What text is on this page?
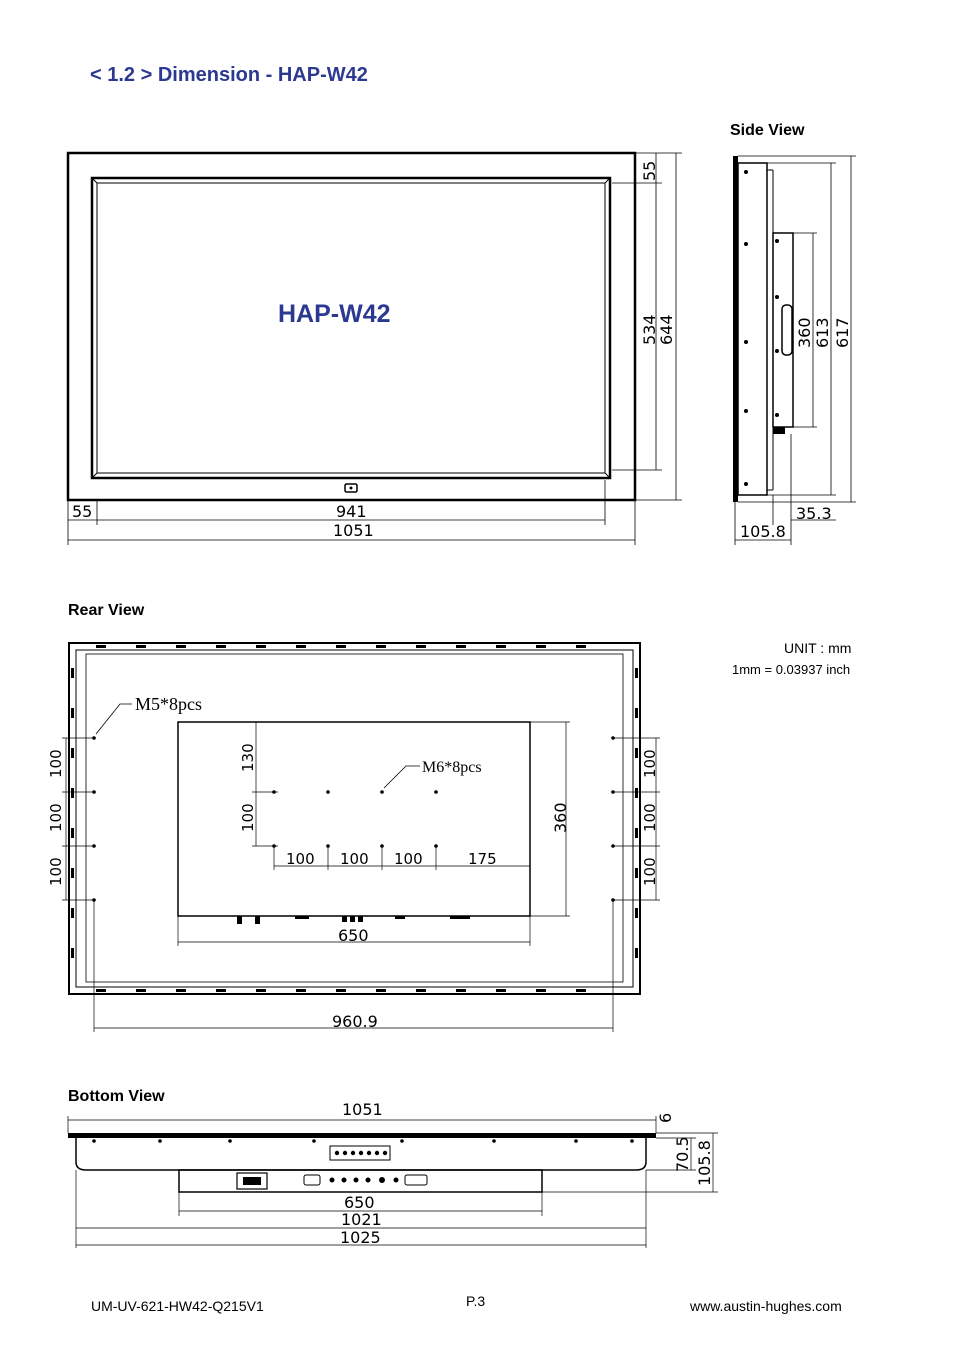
< 1.2 > Dimension - HAP-W42
Side View
Rear View
Bottom View
UNIT : mm
1mm = 0.03937 inch
HAP-W42
55
534
644
55	941
1051
360 613 617
35.3
105.8
M5*8pcs
M6*8pcs
100
100
100
100
100
100
130
100
100 100 100	175
360
650
960.9
1051	6
70.5 105.8
650
1021
1025
UM-UV-621-HW42-Q215V1	P.3	www.austin-hughes.com
